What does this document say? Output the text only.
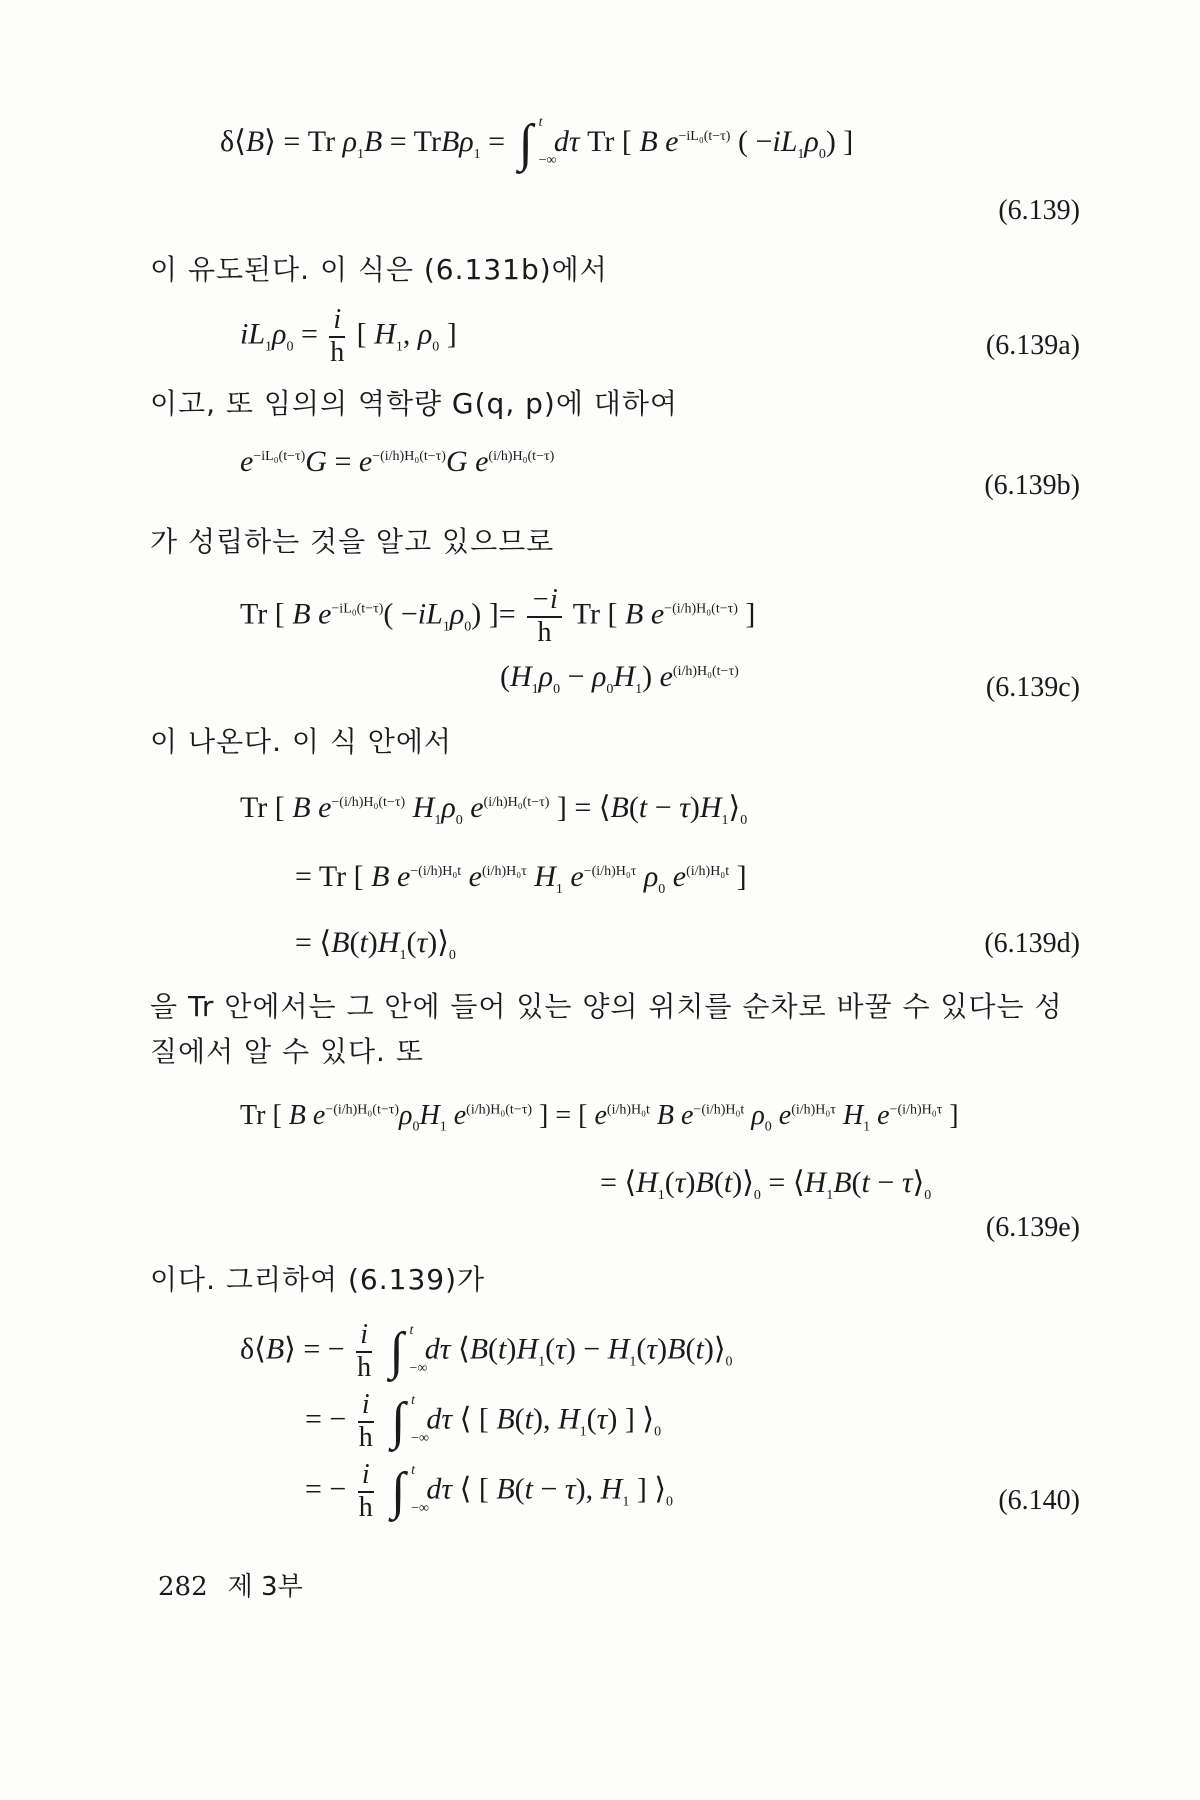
δ⟨B⟩ = Tr $\rho_1B = TrB\rho_1$ = ∫ t
−∞
dτ Tr [ B $e^{-iL_0(t-\tau)}$ ( $-iL_1\rho_0$) ]
(6.139)
이 유도된다. 이 식은 (6.131b)에서
$iL_1\rho_0 = \frac{i}{h}$ [ $H_1$, $\rho_0$ ]	(6.139a)
이고, 또 임의의 역학량 G(q, p)에 대하여
$e^{-iL_0(t-\tau)}G = e^{-(i/h)H_0(t-\tau)}G$ $e^{(i/h)H_0(t-\tau)}$
(6.139b)
가 성립하는 것을 알고 있으므로
Tr [ B $e^{-iL_0(t-\tau)}( -iL_1\rho_0)$ ]= $\frac{-i}{h}$ Tr [ B $e^{-(i/h)H_0(t-\tau)}$ ]
$(H_1\rho_0 - \rho_0H_1)$ $e^{(i/h)H_0(t-\tau)}$
(6.139c)
이 나온다. 이 식 안에서
Tr [ B $e^{-(i/h)H_0(t-\tau)}$ $H_1\rho_0$ $e^{(i/h)H_0(t-\tau)}$ ] = ⟨B(t − $\tau)H_1⟩_0$
= Tr [ B $e^{-(i/h)H_0t}$ $e^{(i/h)H_0\tau}$ $H_1$ $e^{-(i/h)H_0\tau}$ $\rho_0$ $e^{(i/h)H_0t}$ ]
= $⟨B(t)H_1(\tau)⟩_0$	(6.139d)
을 Tr 안에서는 그 안에 들어 있는 양의 위치를 순차로 바꿀 수 있다는 성
질에서 알 수 있다. 또
Tr [ B $e^{-(i/h)H_0(t-\tau)}\rho_0H_1$ $e^{(i/h)H_0(t-\tau)}$ ] = [ $e^{(i/h)H_0t}$ B $e^{-(i/h)H_0t}$ $\rho_0$ $e^{(i/h)H_0\tau}$ $H_1$ $e^{-(i/h)H_0\tau}$ ]
= $⟨H_1(\tau)B(t)⟩_0$ = $⟨H_1B(t$ − $\tau⟩_0$
(6.139e)
이다. 그리하여 (6.139)가
δ⟨B⟩ = − $\frac{i}{h}$ ∫ t
−∞
dτ $⟨B(t)H_1(\tau)$ − $H_1(\tau)B(t)⟩_0$
= − $\frac{i}{h}$ ∫ t
−∞
dτ ⟨ [ B(t), $H_1(\tau)$ ] $⟩_0$
= − $\frac{i}{h}$ ∫ t
−∞
dτ ⟨ [ B(t − τ), $H_1$ ] $⟩_0$	(6.140)
282 제 3부
